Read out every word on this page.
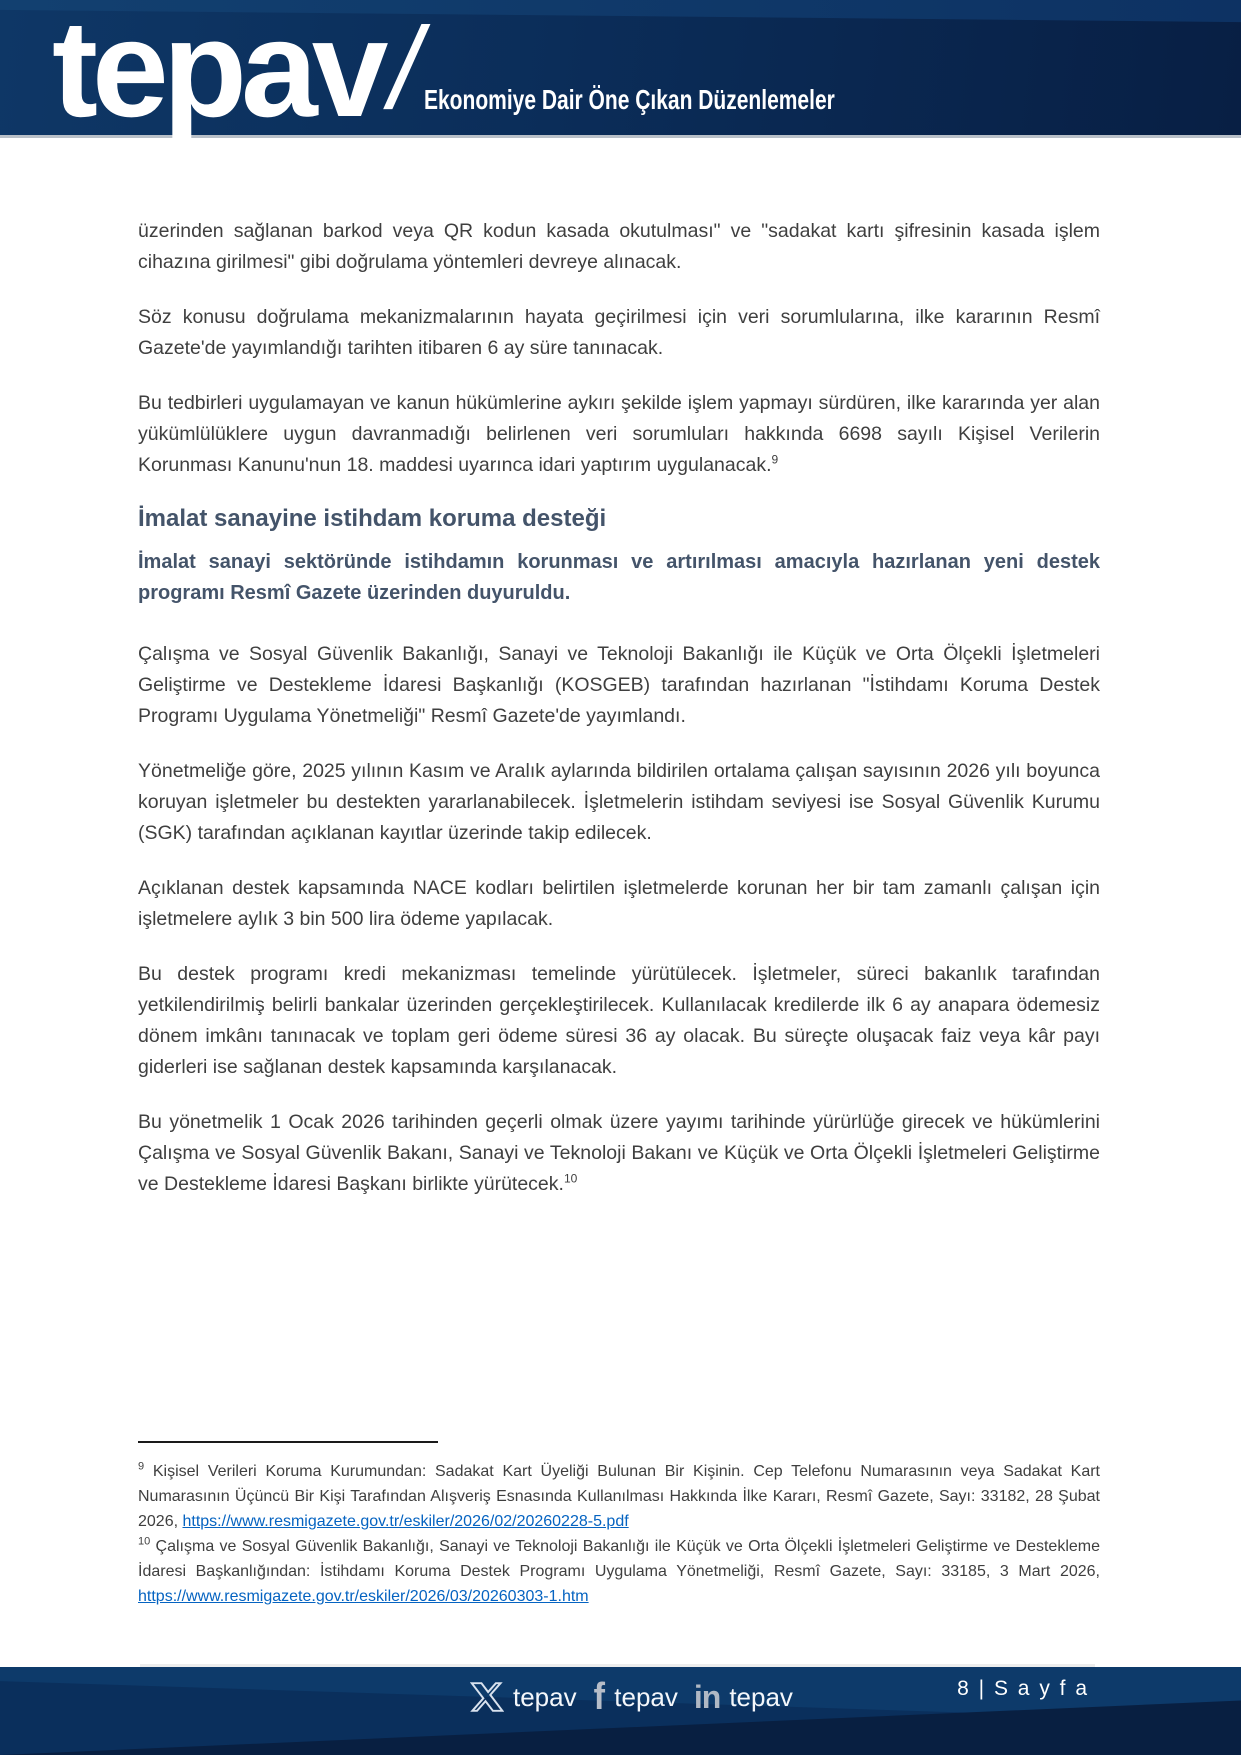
Ekonomiye Dair Öne Çıkan Düzenlemeler
tepav/

üzerinden sağlanan barkod veya QR kodun kasada okutulması" ve "sadakat kartı şifresinin kasada işlem cihazına girilmesi" gibi doğrulama yöntemleri devreye alınacak.

Söz konusu doğrulama mekanizmalarının hayata geçirilmesi için veri sorumlularına, ilke kararının Resmî Gazete'de yayımlandığı tarihten itibaren 6 ay süre tanınacak.

Bu tedbirleri uygulamayan ve kanun hükümlerine aykırı şekilde işlem yapmayı sürdüren, ilke kararında yer alan yükümlülüklere uygun davranmadığı belirlenen veri sorumluları hakkında 6698 sayılı Kişisel Verilerin Korunması Kanunu'nun 18. maddesi uyarınca idari yaptırım uygulanacak.$^9$

İmalat sanayine istihdam koruma desteği

İmalat sanayi sektöründe istihdamın korunması ve artırılması amacıyla hazırlanan yeni destek programı Resmî Gazete üzerinden duyuruldu.

Çalışma ve Sosyal Güvenlik Bakanlığı, Sanayi ve Teknoloji Bakanlığı ile Küçük ve Orta Ölçekli İşletmeleri Geliştirme ve Destekleme İdaresi Başkanlığı (KOSGEB) tarafından hazırlanan "İstihdamı Koruma Destek Programı Uygulama Yönetmeliği" Resmî Gazete'de yayımlandı.

Yönetmeliğe göre, 2025 yılının Kasım ve Aralık aylarında bildirilen ortalama çalışan sayısının 2026 yılı boyunca koruyan işletmeler bu destekten yararlanabilecek. İşletmelerin istihdam seviyesi ise Sosyal Güvenlik Kurumu (SGK) tarafından açıklanan kayıtlar üzerinde takip edilecek.

Açıklanan destek kapsamında NACE kodları belirtilen işletmelerde korunan her bir tam zamanlı çalışan için işletmelere aylık 3 bin 500 lira ödeme yapılacak.

Bu destek programı kredi mekanizması temelinde yürütülecek. İşletmeler, süreci bakanlık tarafından yetkilendirilmiş belirli bankalar üzerinden gerçekleştirilecek. Kullanılacak kredilerde ilk 6 ay anapara ödemesiz dönem imkânı tanınacak ve toplam geri ödeme süresi 36 ay olacak. Bu süreçte oluşacak faiz veya kâr payı giderleri ise sağlanan destek kapsamında karşılanacak.

Bu yönetmelik 1 Ocak 2026 tarihinden geçerli olmak üzere yayımı tarihinde yürürlüğe girecek ve hükümlerini Çalışma ve Sosyal Güvenlik Bakanı, Sanayi ve Teknoloji Bakanı ve Küçük ve Orta Ölçekli İşletmeleri Geliştirme ve Destekleme İdaresi Başkanı birlikte yürütecek.$^{10}$

$^9$ Kişisel Verileri Koruma Kurumundan: Sadakat Kart Üyeliği Bulunan Bir Kişinin. Cep Telefonu Numarasının veya Sadakat Kart Numarasının Üçüncü Bir Kişi Tarafından Alışveriş Esnasında Kullanılması Hakkında İlke Kararı, Resmî Gazete, Sayı: 33182, 28 Şubat 2026, https://www.resmigazete.gov.tr/eskiler/2026/02/20260228-5.pdf

$^{10}$ Çalışma ve Sosyal Güvenlik Bakanlığı, Sanayi ve Teknoloji Bakanlığı ile Küçük ve Orta Ölçekli İşletmeleri Geliştirme ve Destekleme İdaresi Başkanlığından: İstihdamı Koruma Destek Programı Uygulama Yönetmeliği, Resmî Gazete, Sayı: 33185, 3 Mart 2026, https://www.resmigazete.gov.tr/eskiler/2026/03/20260303-1.htm

tepav f tepav in tepav	8 | S a y f a
